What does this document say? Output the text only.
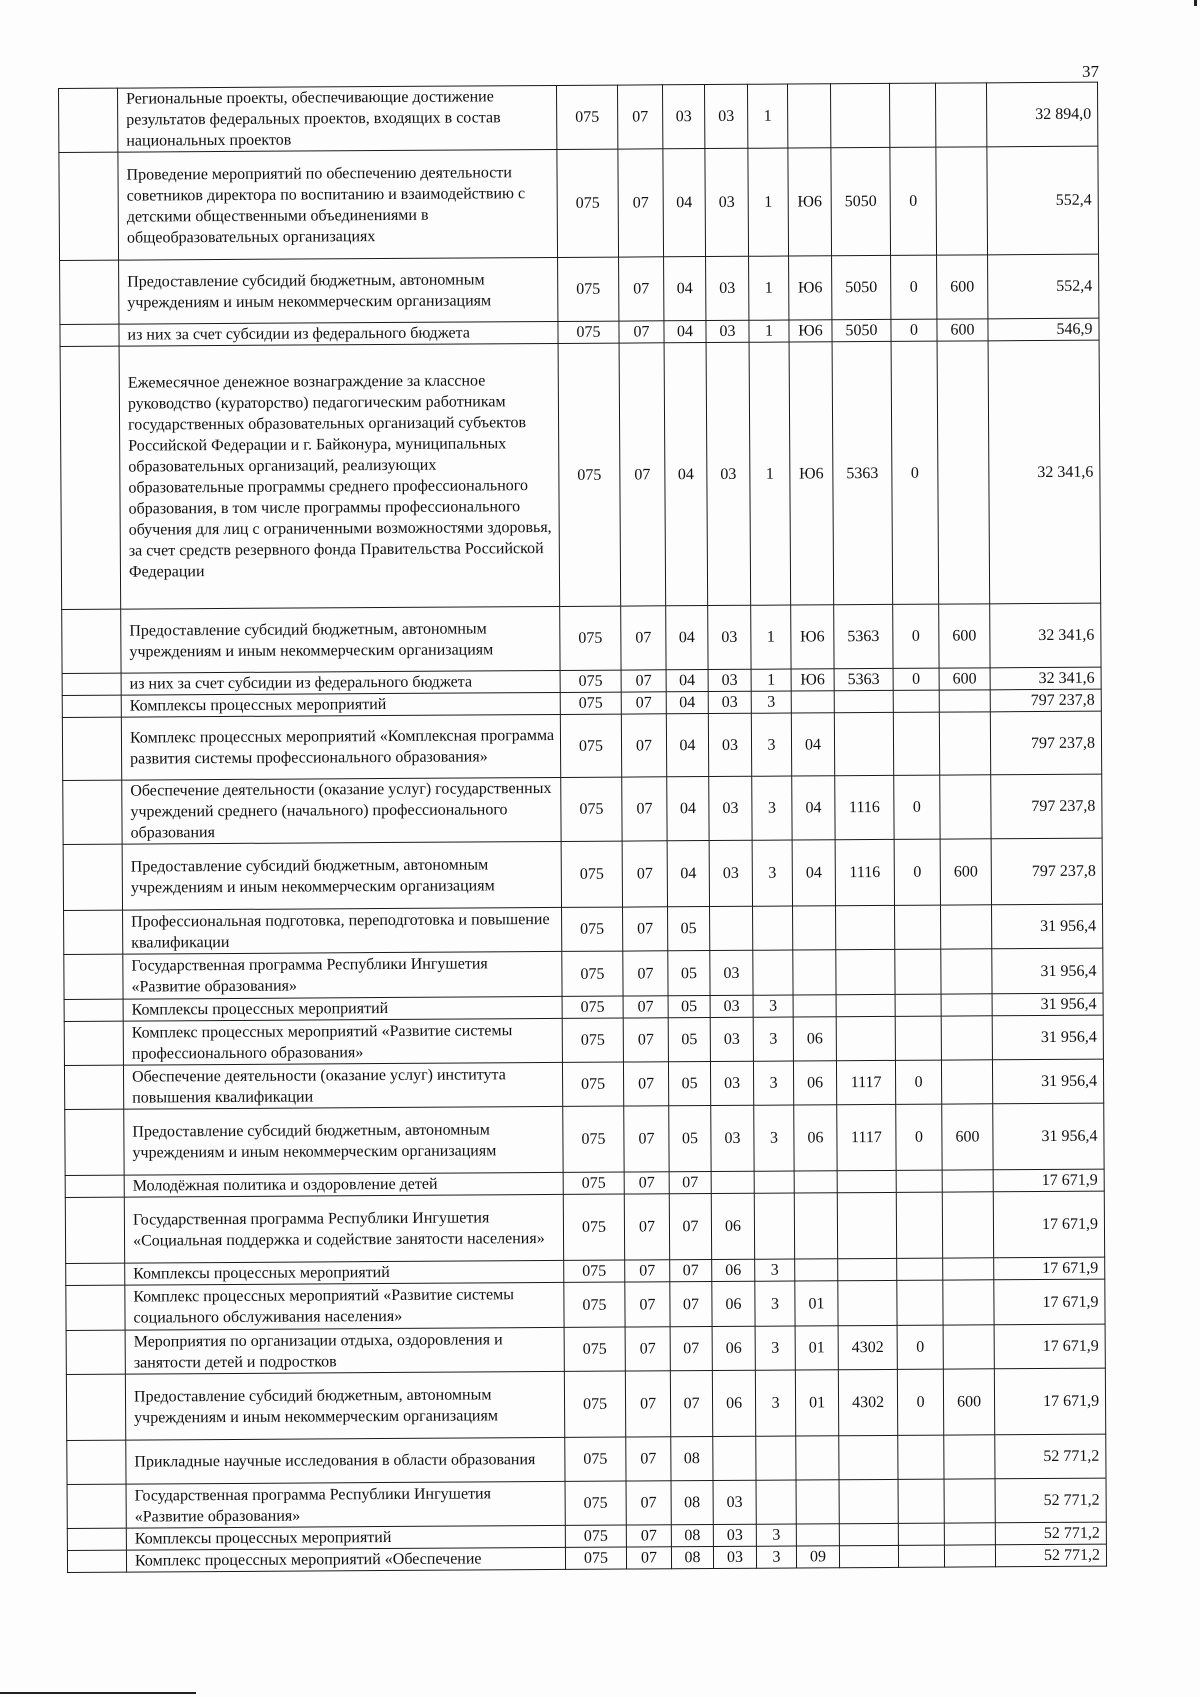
37
	Региональные проекты, обеспечивающие достижение результатов федеральных проектов, входящих в состав национальных проектов	075	07	03	03	1					32 894,0
	Проведение мероприятий по обеспечению деятельности советников директора по воспитанию и взаимодействию с детскими общественными объединениями в общеобразовательных организациях	075	07	04	03	1	Ю6	5050	0		552,4
	Предоставление субсидий бюджетным, автономным учреждениям и иным некоммерческим организациям	075	07	04	03	1	Ю6	5050	0	600	552,4
	из них за счет субсидии из федерального бюджета	075	07	04	03	1	Ю6	5050	0	600	546,9
	Ежемесячное денежное вознаграждение за классное руководство (кураторство) педагогическим работникам государственных образовательных организаций субъектов Российской Федерации и г. Байконура, муниципальных образовательных организаций, реализующих образовательные программы среднего профессионального образования, в том числе программы профессионального обучения для лиц с ограниченными возможностями здоровья, за счет средств резервного фонда Правительства Российской Федерации	075	07	04	03	1	Ю6	5363	0		32 341,6
	Предоставление субсидий бюджетным, автономным учреждениям и иным некоммерческим организациям	075	07	04	03	1	Ю6	5363	0	600	32 341,6
	из них за счет субсидии из федерального бюджета	075	07	04	03	1	Ю6	5363	0	600	32 341,6
	Комплексы процессных мероприятий	075	07	04	03	3					797 237,8
	Комплекс процессных мероприятий «Комплексная программа развития системы профессионального образования»	075	07	04	03	3	04				797 237,8
	Обеспечение деятельности (оказание услуг) государственных учреждений среднего (начального) профессионального образования	075	07	04	03	3	04	1116	0		797 237,8
	Предоставление субсидий бюджетным, автономным учреждениям и иным некоммерческим организациям	075	07	04	03	3	04	1116	0	600	797 237,8
	Профессиональная подготовка, переподготовка и повышение квалификации	075	07	05							31 956,4
	Государственная программа Республики Ингушетия «Развитие образования»	075	07	05	03						31 956,4
	Комплексы процессных мероприятий	075	07	05	03	3					31 956,4
	Комплекс процессных мероприятий «Развитие системы профессионального образования»	075	07	05	03	3	06				31 956,4
	Обеспечение деятельности (оказание услуг) института повышения квалификации	075	07	05	03	3	06	1117	0		31 956,4
	Предоставление субсидий бюджетным, автономным учреждениям и иным некоммерческим организациям	075	07	05	03	3	06	1117	0	600	31 956,4
	Молодёжная политика и оздоровление детей	075	07	07							17 671,9
	Государственная программа Республики Ингушетия «Социальная поддержка и содействие занятости населения»	075	07	07	06						17 671,9
	Комплексы процессных мероприятий	075	07	07	06	3					17 671,9
	Комплекс процессных мероприятий «Развитие системы социального обслуживания населения»	075	07	07	06	3	01				17 671,9
	Мероприятия по организации отдыха, оздоровления и занятости детей и подростков	075	07	07	06	3	01	4302	0		17 671,9
	Предоставление субсидий бюджетным, автономным учреждениям и иным некоммерческим организациям	075	07	07	06	3	01	4302	0	600	17 671,9
	Прикладные научные исследования в области образования	075	07	08							52 771,2
	Государственная программа Республики Ингушетия «Развитие образования»	075	07	08	03						52 771,2
	Комплексы процессных мероприятий	075	07	08	03	3					52 771,2
	Комплекс процессных мероприятий «Обеспечение	075	07	08	03	3	09				52 771,2
